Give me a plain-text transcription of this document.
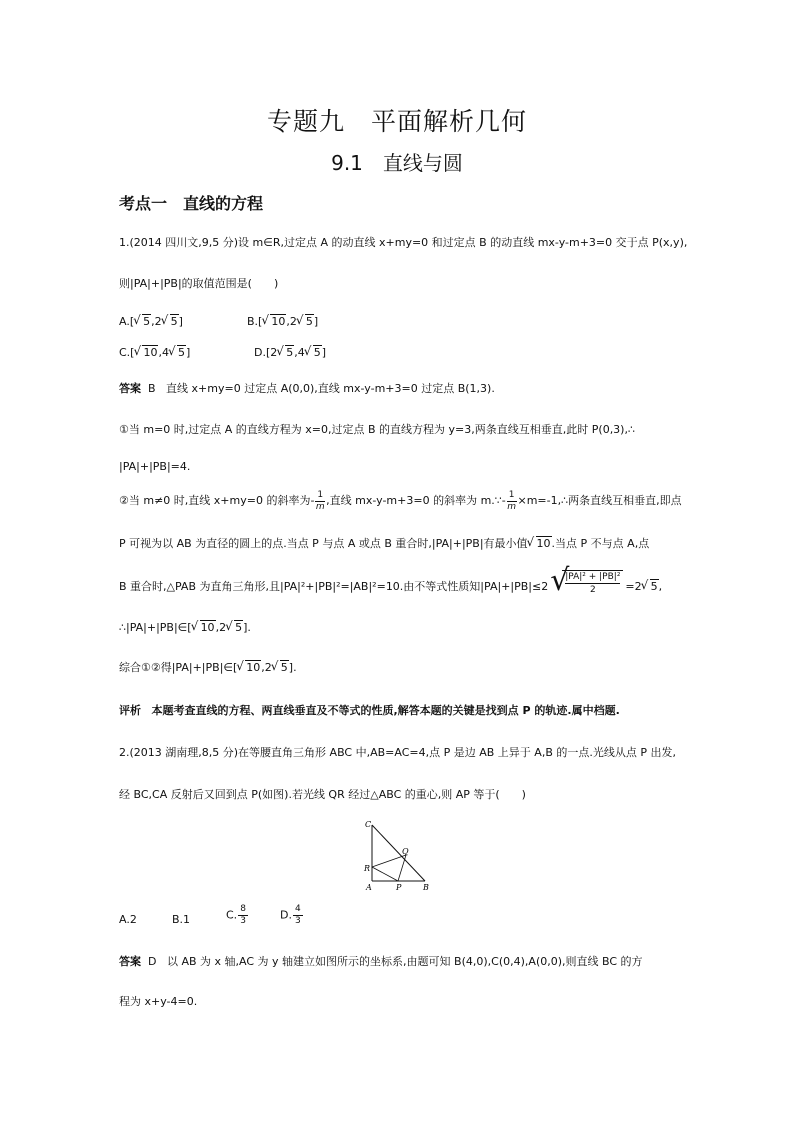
专题九　平面解析几何
9.1　直线与圆
考点一　直线的方程
1.(2014 四川文,9,5 分)设 m∈R,过定点 A 的动直线 x+my=0 和过定点 B 的动直线 mx-y-m+3=0 交于点 P(x,y),
则|PA|+|PB|的取值范围是(　　)
A.[√ 5,2√ 5]	B.[√ 10,2√ 5]
C.[√ 10,4√ 5]	D.[2√ 5,4√ 5]
答案 B 直线 x+my=0 过定点 A(0,0),直线 mx-y-m+3=0 过定点 B(1,3).
①当 m=0 时,过定点 A 的直线方程为 x=0,过定点 B 的直线方程为 y=3,两条直线互相垂直,此时 P(0,3),∴
|PA|+|PB|=4.
②当 m≠0 时,直线 x+my=0 的斜率为- $\frac{1}{m}$ ,直线 mx-y-m+3=0 的斜率为 m.∵- $\frac{1}{m}$ ×m=-1,∴两条直线互相垂直,即点
P 可视为以 AB 为直径的圆上的点.当点 P 与点 A 或点 B 重合时,|PA|+|PB|有最小值√ 10.当点 P 不与点 A,点
B 重合时,△PAB 为直角三角形,且|PA|²+|PB|²=|AB|²=10.由不等式性质知|PA|+|PB|≤2 √
$\frac{\text{|PA|² + |PB|²}}{2} =2√$ 5,
∴|PA|+|PB|∈[√ 10,2√ 5].
综合①②得|PA|+|PB|∈[√ 10,2√ 5].
评析 本题考查直线的方程、两直线垂直及不等式的性质,解答本题的关键是找到点 P 的轨迹.属中档题.
2.(2013 湖南理,8,5 分)在等腰直角三角形 ABC 中,AB=AC=4,点 P 是边 AB 上异于 A,B 的一点.光线从点 P 出发,
经 BC,CA 反射后又回到点 P(如图).若光线 QR 经过△ABC 的重心,则 AP 等于(　　)
C
Q
R
A	P	B
A.2	B.1	C. $\frac{8}{3}$	D. $\frac{4}{3}$
答案 D 以 AB 为 x 轴,AC 为 y 轴建立如图所示的坐标系,由题可知 B(4,0),C(0,4),A(0,0),则直线 BC 的方
程为 x+y-4=0.
